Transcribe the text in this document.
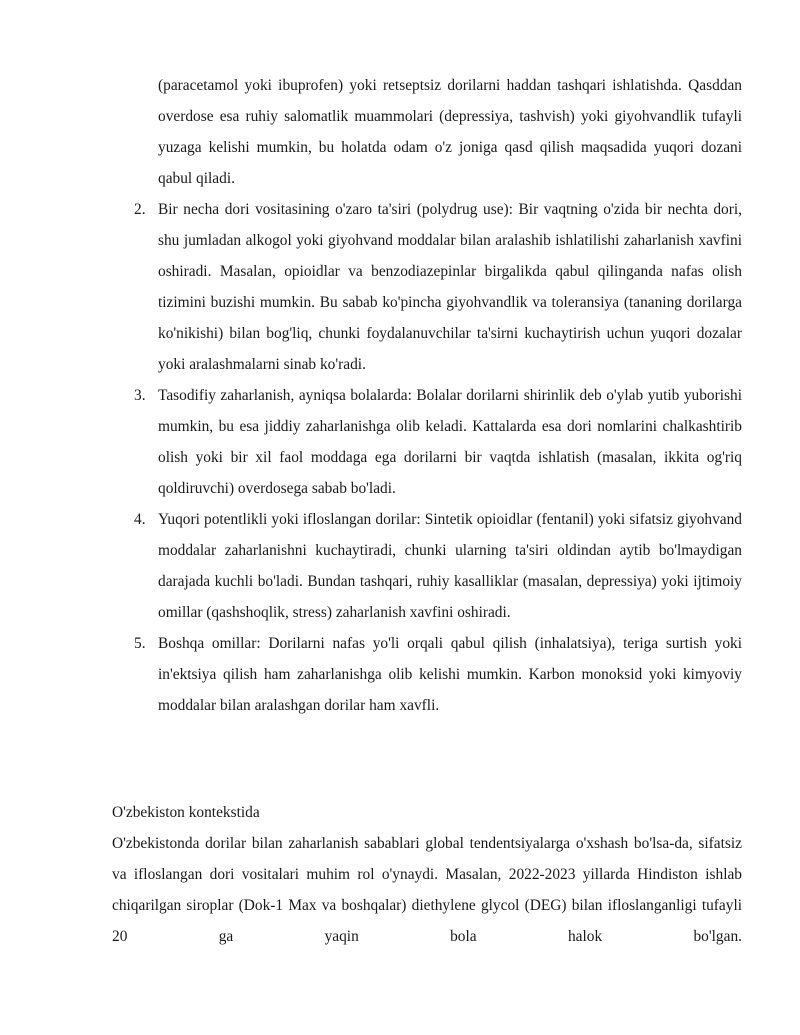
(paracetamol yoki ibuprofen) yoki retseptsiz dorilarni haddan tashqari ishlatishda. Qasddan overdose esa ruhiy salomatlik muammolari (depressiya, tashvish) yoki giyohvandlik tufayli yuzaga kelishi mumkin, bu holatda odam o'z joniga qasd qilish maqsadida yuqori dozani qabul qiladi.

2. Bir necha dori vositasining o'zaro ta'siri (polydrug use): Bir vaqtning o'zida bir nechta dori, shu jumladan alkogol yoki giyohvand moddalar bilan aralashib ishlatilishi zaharlanish xavfini oshiradi. Masalan, opioidlar va benzodiazepinlar birgalikda qabul qilinganda nafas olish tizimini buzishi mumkin. Bu sabab ko'pincha giyohvandlik va toleransiya (tananing dorilarga ko'nikishi) bilan bog'liq, chunki foydalanuvchilar ta'sirni kuchaytirish uchun yuqori dozalar yoki aralashmalarni sinab ko'radi.
3. Tasodifiy zaharlanish, ayniqsa bolalarda: Bolalar dorilarni shirinlik deb o'ylab yutib yuborishi mumkin, bu esa jiddiy zaharlanishga olib keladi. Kattalarda esa dori nomlarini chalkashtirib olish yoki bir xil faol moddaga ega dorilarni bir vaqtda ishlatish (masalan, ikkita og'riq qoldiruvchi) overdosega sabab bo'ladi.
4. Yuqori potentlikli yoki ifloslangan dorilar: Sintetik opioidlar (fentanil) yoki sifatsiz giyohvand moddalar zaharlanishni kuchaytiradi, chunki ularning ta'siri oldindan aytib bo'lmaydigan darajada kuchli bo'ladi. Bundan tashqari, ruhiy kasalliklar (masalan, depressiya) yoki ijtimoiy omillar (qashshoqlik, stress) zaharlanish xavfini oshiradi.
5. Boshqa omillar: Dorilarni nafas yo'li orqali qabul qilish (inhalatsiya), teriga surtish yoki in'ektsiya qilish ham zaharlanishga olib kelishi mumkin. Karbon monoksid yoki kimyoviy moddalar bilan aralashgan dorilar ham xavfli.
O'zbekiston kontekstida

O'zbekistonda dorilar bilan zaharlanish sabablari global tendentsiyalarga o'xshash bo'lsa-da, sifatsiz va ifloslangan dori vositalari muhim rol o'ynaydi. Masalan, 2022-2023 yillarda Hindiston ishlab chiqarilgan siroplar (Dok-1 Max va boshqalar) diethylene glycol (DEG) bilan ifloslanganligi tufayli 20 ga yaqin bola halok bo'lgan.
